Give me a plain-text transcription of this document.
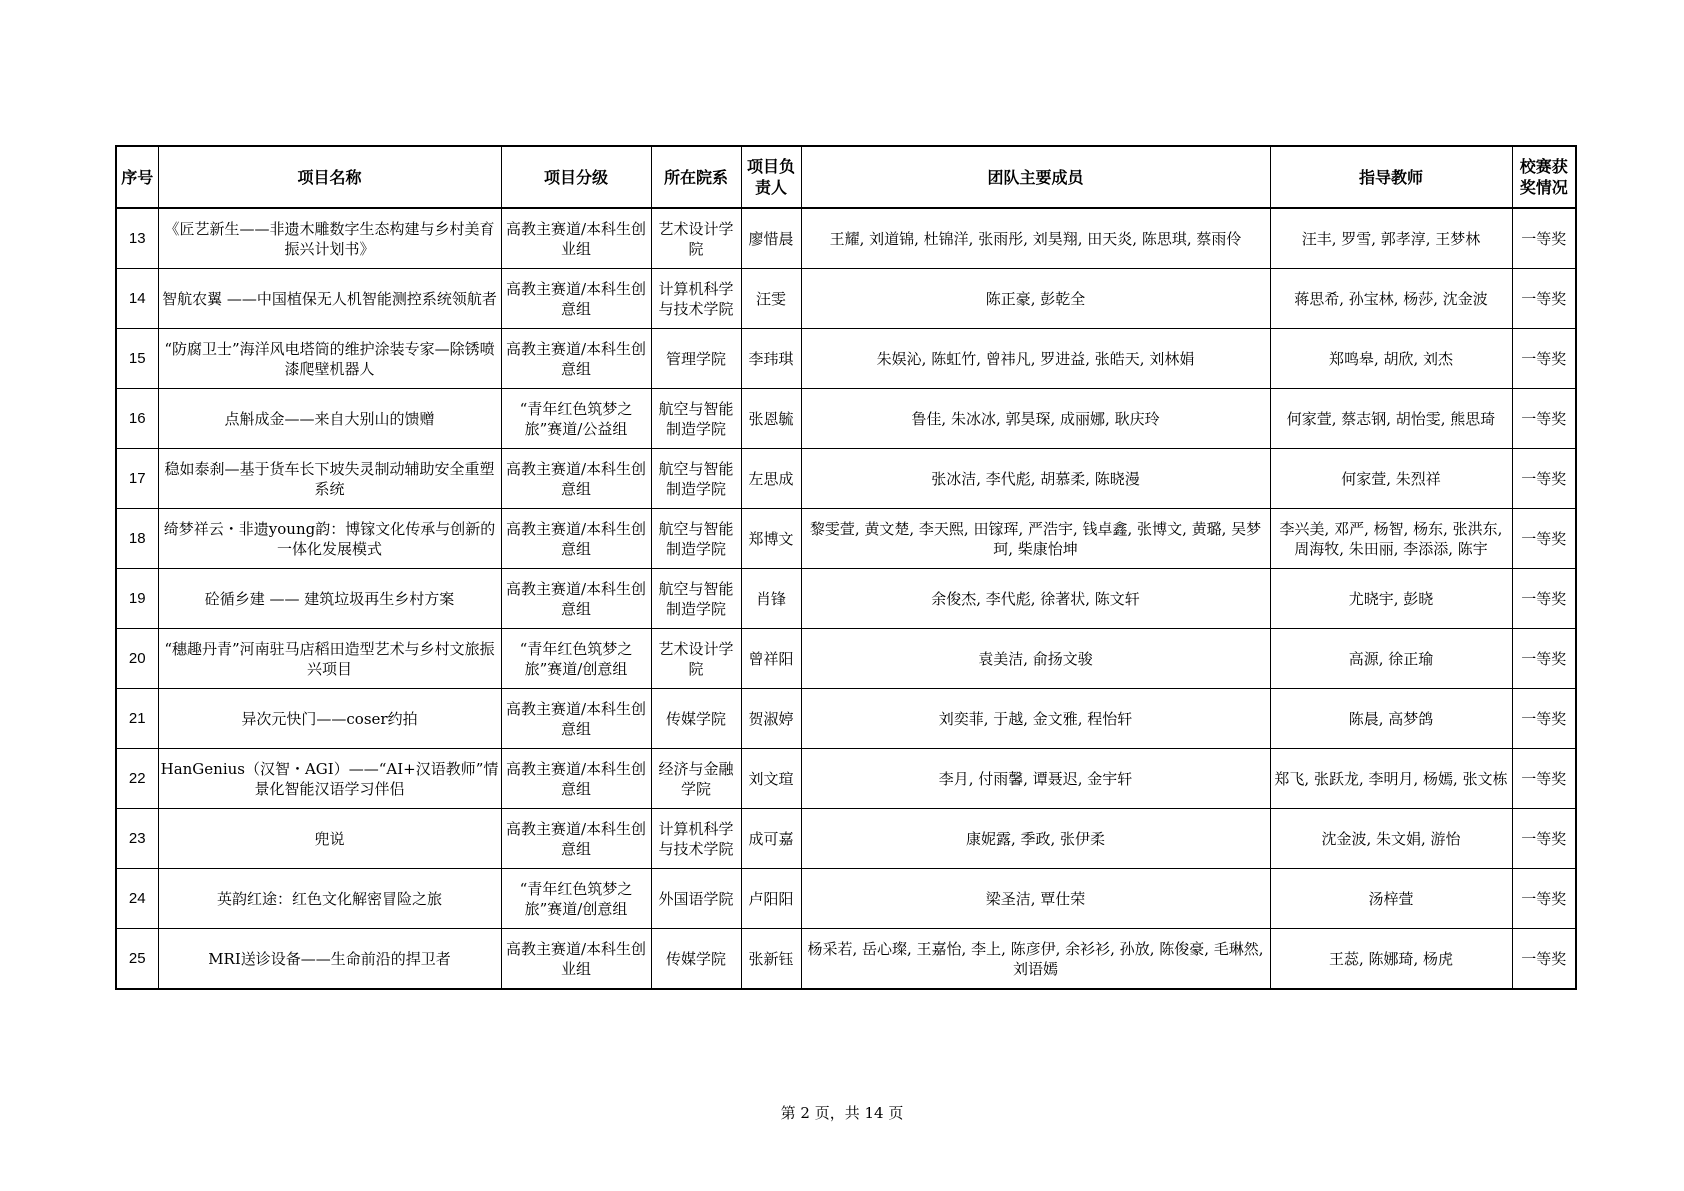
序号	项目名称	项目分级	所在院系	项目负责人	团队主要成员	指导教师	校赛获奖情况
13	《匠艺新生——非遗木雕数字生态构建与乡村美育振兴计划书》	高教主赛道/本科生创业组	艺术设计学院	廖惜晨	王耀, 刘道锦, 杜锦洋, 张雨彤, 刘昊翔, 田天炎, 陈思琪, 蔡雨伶	汪丰, 罗雪, 郭孝淳, 王梦林	一等奖
14	智航农翼 ——中国植保无人机智能测控系统领航者	高教主赛道/本科生创意组	计算机科学与技术学院	汪雯	陈正豪, 彭乾全	蒋思希, 孙宝林, 杨莎, 沈金波	一等奖
15	“防腐卫士”海洋风电塔筒的维护涂装专家—除锈喷漆爬壁机器人	高教主赛道/本科生创意组	管理学院	李玮琪	朱娱沁, 陈虹竹, 曾祎凡, 罗进益, 张皓天, 刘林娟	郑鸣皋, 胡欣, 刘杰	一等奖
16	点斛成金——来自大别山的馈赠	“青年红色筑梦之旅”赛道/公益组	航空与智能制造学院	张恩毓	鲁佳, 朱冰冰, 郭昊琛, 成丽娜, 耿庆玲	何家萱, 蔡志钢, 胡怡雯, 熊思琦	一等奖
17	稳如泰刹—基于货车长下坡失灵制动辅助安全重塑系统	高教主赛道/本科生创意组	航空与智能制造学院	左思成	张冰洁, 李代彪, 胡慕柔, 陈晓漫	何家萱, 朱烈祥	一等奖
18	绮梦祥云・非遗young韵：博镓文化传承与创新的一体化发展模式	高教主赛道/本科生创意组	航空与智能制造学院	郑博文	黎雯萱, 黄文楚, 李天熙, 田镓珲, 严浩宇, 钱卓鑫, 张博文, 黄璐, 吴梦珂, 柴康怡坤	李兴美, 邓严, 杨智, 杨东, 张洪东, 周海牧, 朱田丽, 李添添, 陈宇	一等奖
19	砼循乡建 —— 建筑垃圾再生乡村方案	高教主赛道/本科生创意组	航空与智能制造学院	肖锋	余俊杰, 李代彪, 徐著状, 陈文轩	尤晓宇, 彭晓	一等奖
20	“穗趣丹青”河南驻马店稻田造型艺术与乡村文旅振兴项目	“青年红色筑梦之旅”赛道/创意组	艺术设计学院	曾祥阳	袁美洁, 俞扬文骏	高源, 徐正瑜	一等奖
21	异次元快门——coser约拍	高教主赛道/本科生创意组	传媒学院	贺淑婷	刘奕菲, 于越, 金文雅, 程怡轩	陈晨, 高梦鸽	一等奖
22	HanGenius（汉智・AGI）——“AI+汉语教师”情景化智能汉语学习伴侣	高教主赛道/本科生创意组	经济与金融学院	刘文瑄	李月, 付雨馨, 谭聂迟, 金宇轩	郑飞, 张跃龙, 李明月, 杨嫣, 张文栋	一等奖
23	兜说	高教主赛道/本科生创意组	计算机科学与技术学院	成可嘉	康妮露, 季政, 张伊柔	沈金波, 朱文娟, 游怡	一等奖
24	英韵红途：红色文化解密冒险之旅	“青年红色筑梦之旅”赛道/创意组	外国语学院	卢阳阳	梁圣洁, 覃仕荣	汤梓萱	一等奖
25	MRI送诊设备——生命前沿的捍卫者	高教主赛道/本科生创业组	传媒学院	张新钰	杨采若, 岳心璨, 王嘉怡, 李上, 陈彦伊, 余衫衫, 孙放, 陈俊豪, 毛琳然, 刘语嫣	王蕊, 陈娜琦, 杨虎	一等奖
第 2 页，共 14 页
